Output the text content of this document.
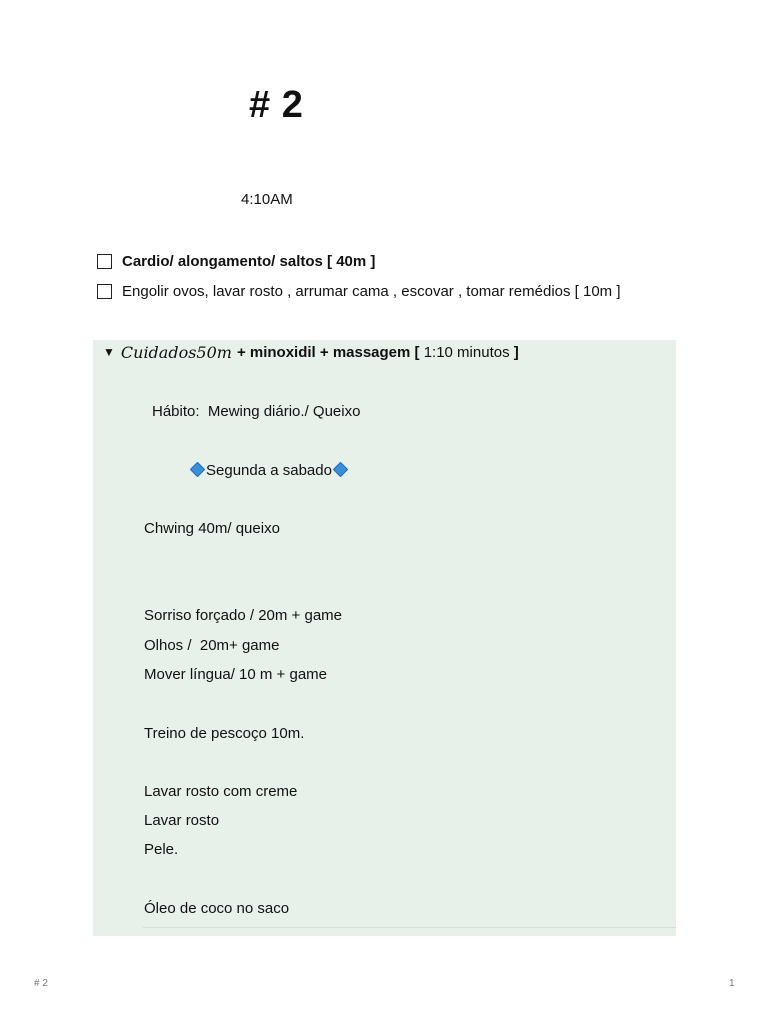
# 2
4:10AM
Cardio/ alongamento/ saltos [ 40m ]
Engolir ovos, lavar rosto , arrumar cama , escovar , tomar remédios [ 10m ]
▼ Cuidados50m + minoxidil + massagem [ 1:10 minutos ]
Hábito:  Mewing diário./ Queixo
Segunda a sabado
Chwing 40m/ queixo
Sorriso forçado / 20m + game
Olhos /  20m+ game
Mover língua/ 10 m + game
Treino de pescoço 10m.
Lavar rosto com creme
Lavar rosto
Pele.
Óleo de coco no saco
# 2	1
